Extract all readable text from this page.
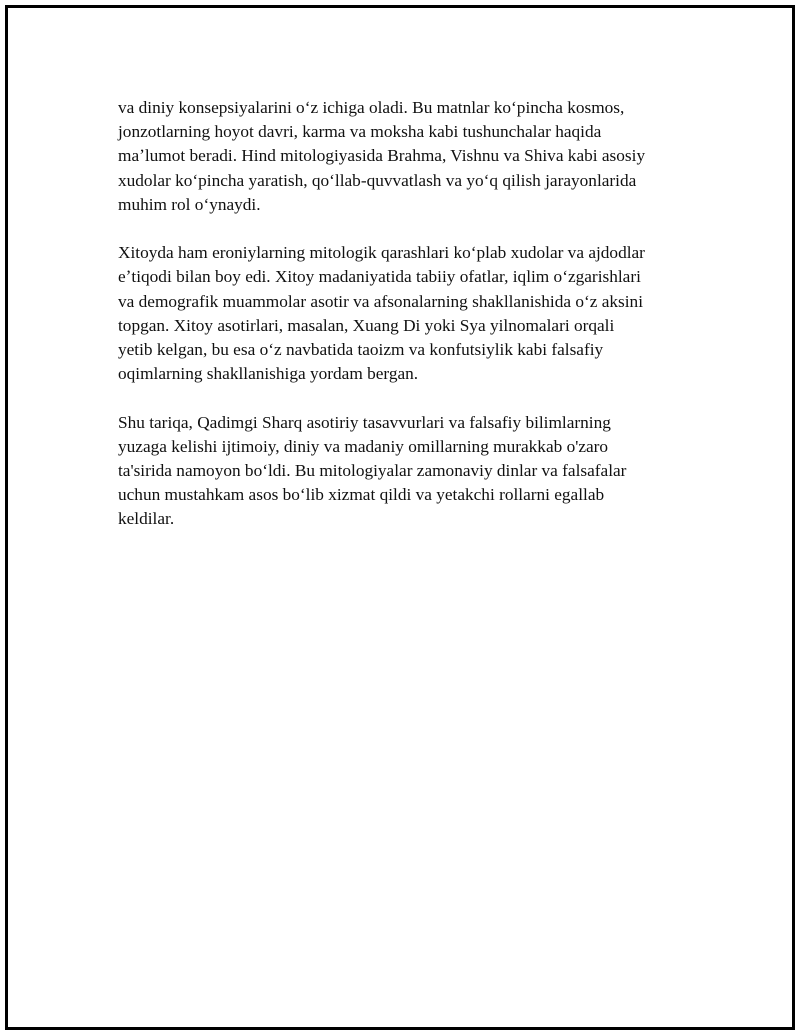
va diniy konsepsiyalarini oʻz ichiga oladi. Bu matnlar koʻpincha kosmos,
jonzotlarning hoyot davri, karma va moksha kabi tushunchalar haqida
maʼlumot beradi. Hind mitologiyasida Brahma, Vishnu va Shiva kabi asosiy
xudolar koʻpincha yaratish, qoʻllab-quvvatlash va yoʻq qilish jarayonlarida
muhim rol oʻynaydi.

Xitoyda ham eroniylarning mitologik qarashlari koʻplab xudolar va ajdodlar
eʼtiqodi bilan boy edi. Xitoy madaniyatida tabiiy ofatlar, iqlim oʻzgarishlari
va demografik muammolar asotir va afsonalarning shakllanishida oʻz aksini
topgan. Xitoy asotirlari, masalan, Xuang Di yoki Sya yilnomalari orqali
yetib kelgan, bu esa oʻz navbatida taoizm va konfutsiylik kabi falsafiy
oqimlarning shakllanishiga yordam bergan.

Shu tariqa, Qadimgi Sharq asotiriy tasavvurlari va falsafiy bilimlarning
yuzaga kelishi ijtimoiy, diniy va madaniy omillarning murakkab o'zaro
ta'sirida namoyon boʻldi. Bu mitologiyalar zamonaviy dinlar va falsafalar
uchun mustahkam asos boʻlib xizmat qildi va yetakchi rollarni egallab
keldilar.
